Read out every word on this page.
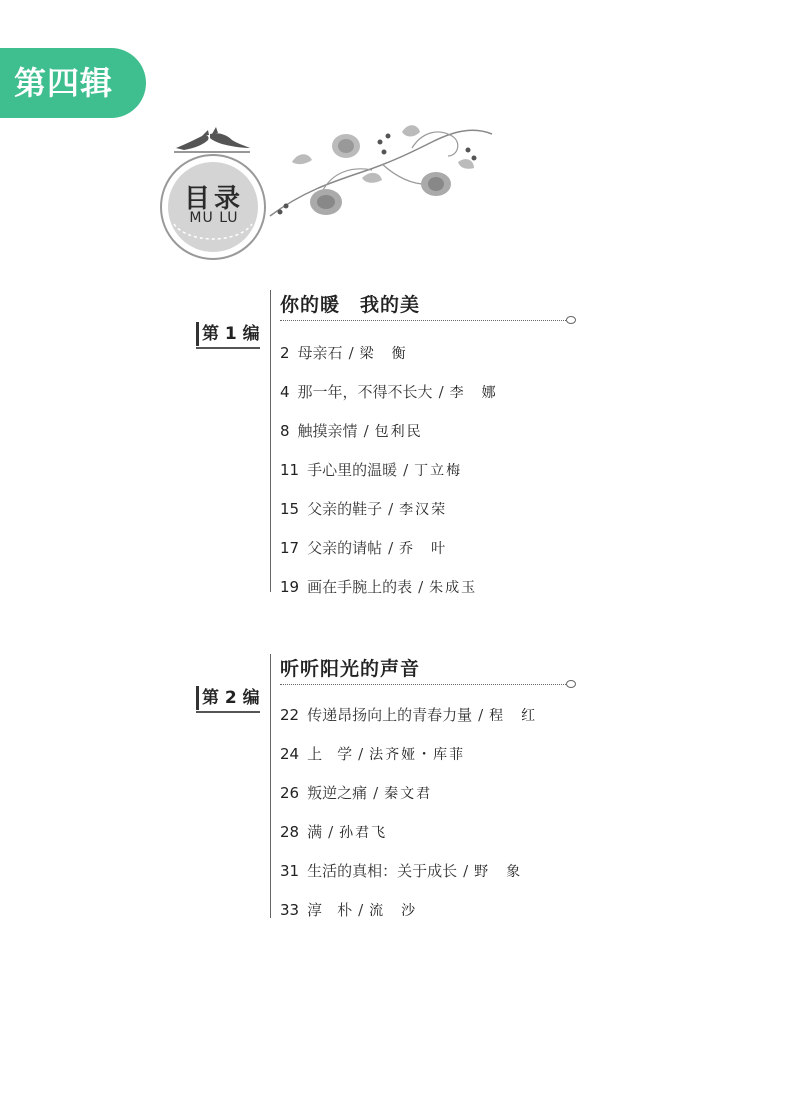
第四辑
目录
MU LU
第 1 编
你的暖　我的美
2 母亲石 / 梁　衡
4 那一年，不得不长大 / 李　娜
8 触摸亲情 / 包利民
11 手心里的温暖 / 丁立梅
15 父亲的鞋子 / 李汉荣
17 父亲的请帖 / 乔　叶
19 画在手腕上的表 / 朱成玉
第 2 编
听听阳光的声音
22 传递昂扬向上的青春力量 / 程　红
24 上　学 / 法齐娅・库菲
26 叛逆之痛 / 秦文君
28 满 / 孙君飞
31 生活的真相：关于成长 / 野　象
33 淳　朴 / 流　沙
